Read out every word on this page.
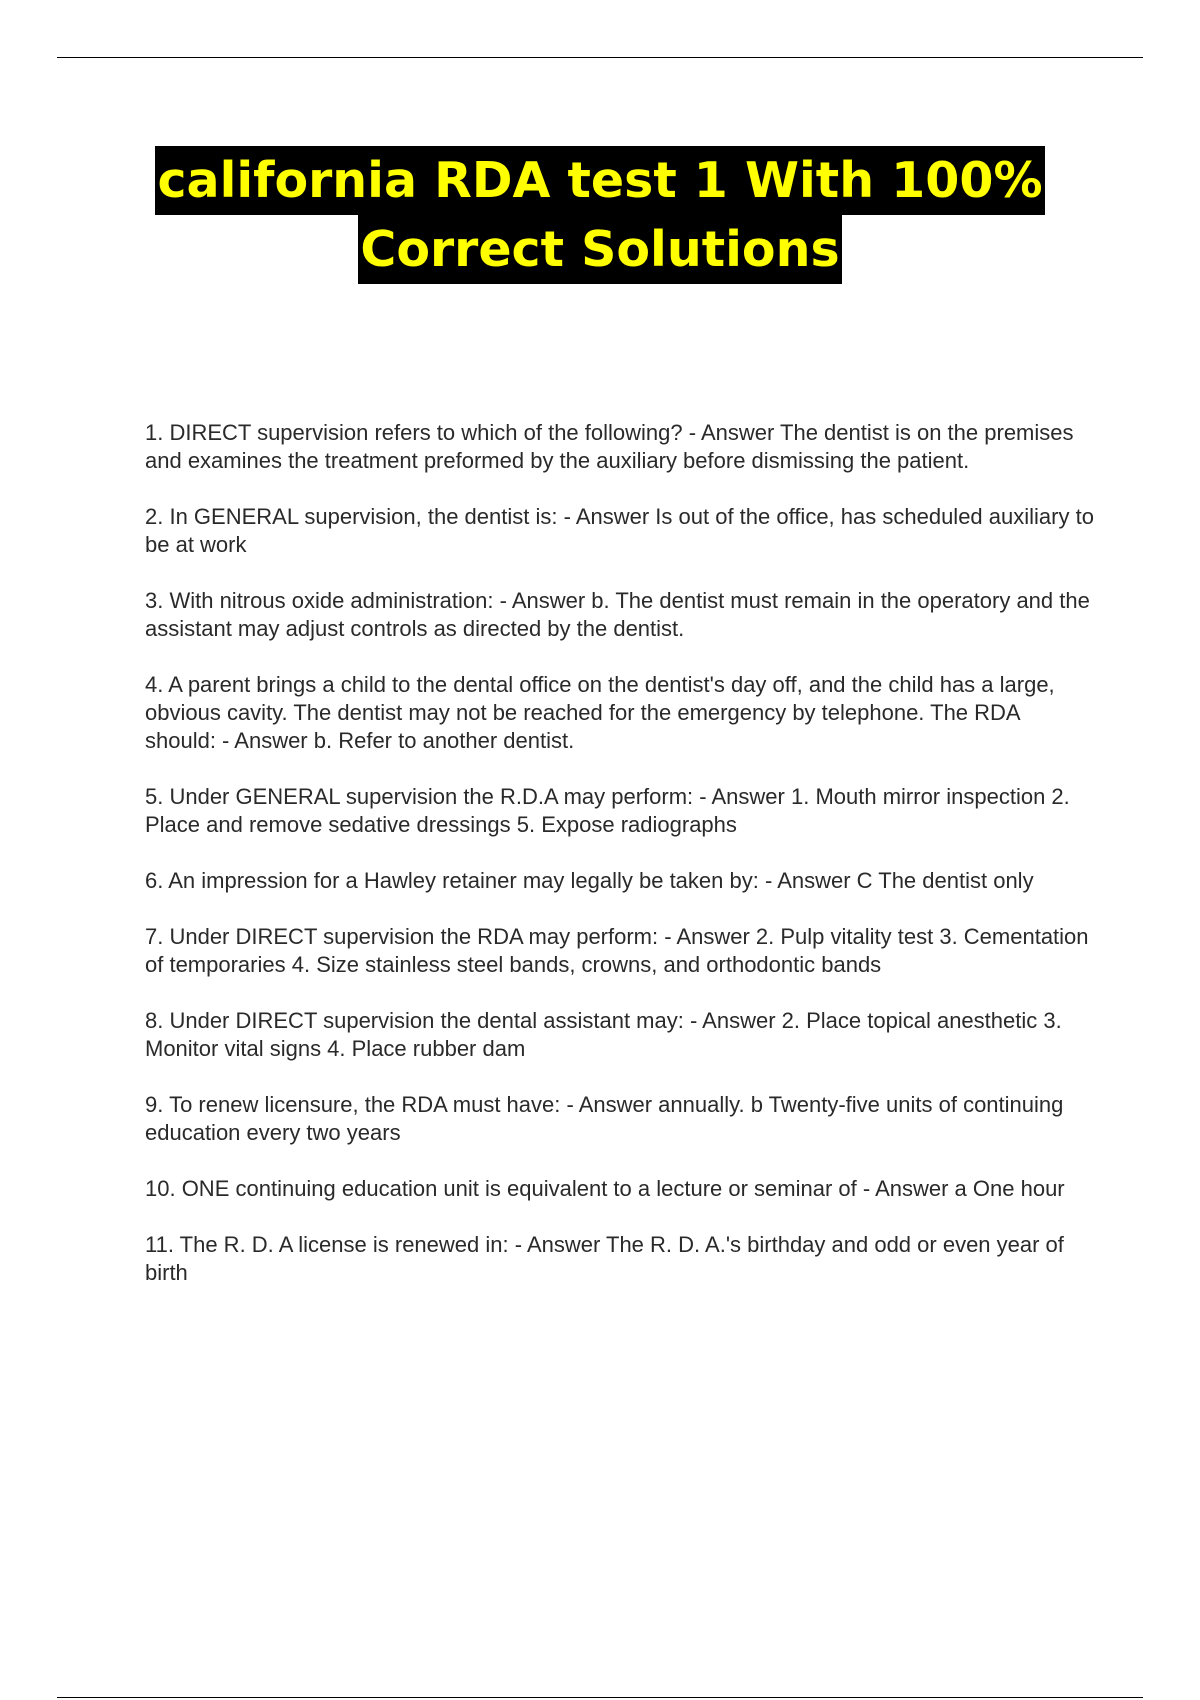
california RDA test 1 With 100%
Correct Solutions
1. DIRECT supervision refers to which of the following? - Answer The dentist is on the premises and examines the treatment preformed by the auxiliary before dismissing the patient.
2. In GENERAL supervision, the dentist is: - Answer Is out of the office, has scheduled auxiliary to be at work
3. With nitrous oxide administration: - Answer b. The dentist must remain in the operatory and the assistant may adjust controls as directed by the dentist.
4. A parent brings a child to the dental office on the dentist's day off, and the child has a large, obvious cavity. The dentist may not be reached for the emergency by telephone. The RDA should: - Answer b. Refer to another dentist.
5. Under GENERAL supervision the R.D.A may perform: - Answer 1. Mouth mirror inspection 2. Place and remove sedative dressings 5. Expose radiographs
6. An impression for a Hawley retainer may legally be taken by: - Answer C The dentist only
7. Under DIRECT supervision the RDA may perform: - Answer 2. Pulp vitality test 3. Cementation of temporaries 4. Size stainless steel bands, crowns, and orthodontic bands
8. Under DIRECT supervision the dental assistant may: - Answer 2. Place topical anesthetic 3. Monitor vital signs 4. Place rubber dam
9. To renew licensure, the RDA must have: - Answer annually. b Twenty-five units of continuing education every two years
10. ONE continuing education unit is equivalent to a lecture or seminar of - Answer a One hour
11. The R. D. A license is renewed in: - Answer The R. D. A.'s birthday and odd or even year of birth
